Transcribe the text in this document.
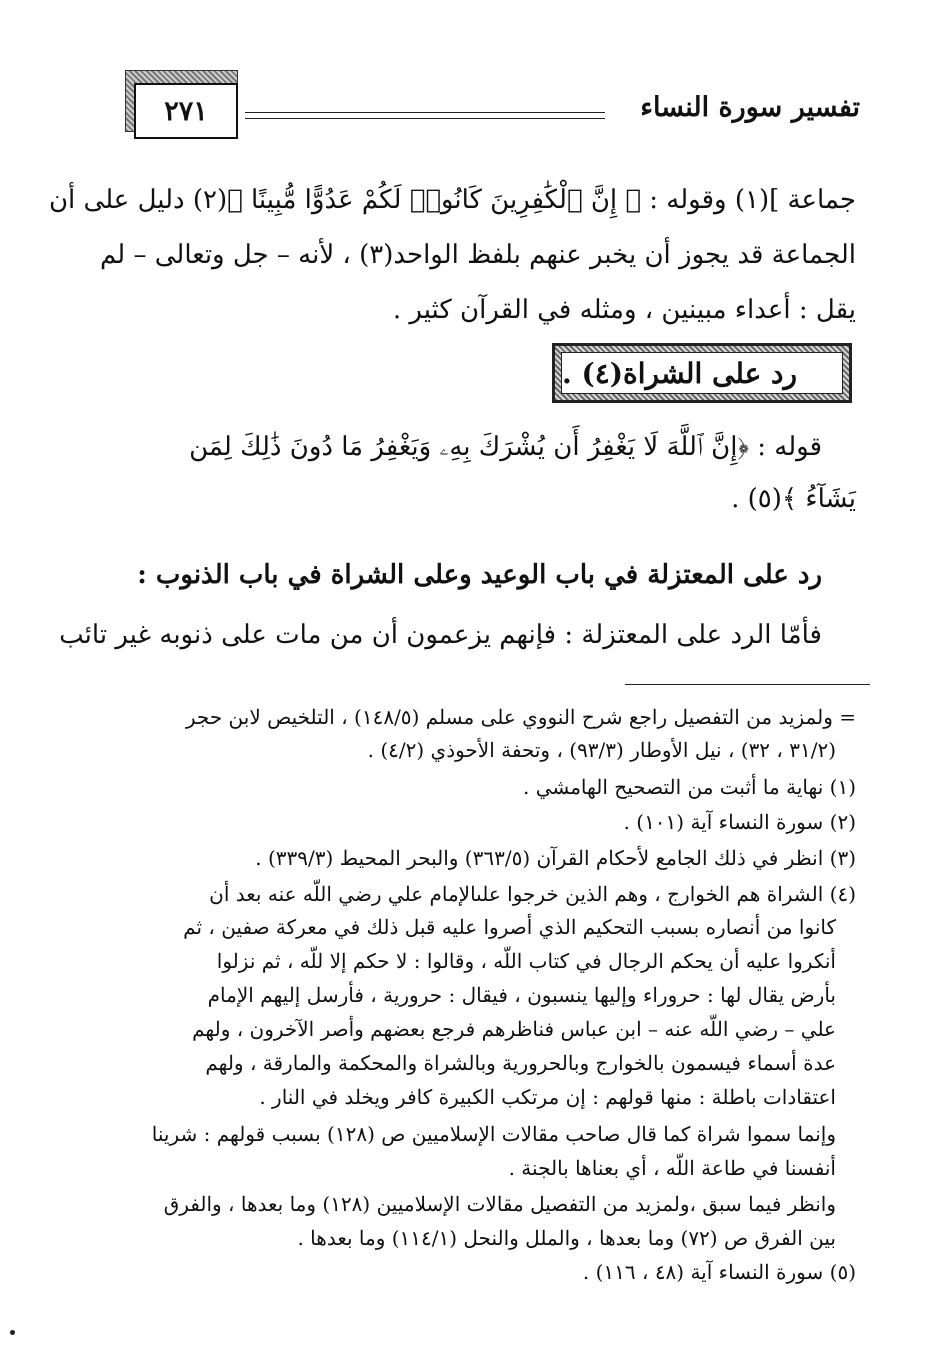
تفسير سورة النساء
٢٧١
جماعة ](١) وقوله : ﴿ إِنَّ ٱلْكَٰفِرِينَ كَانُوا۟ لَكُمْ عَدُوًّا مُّبِينًا ﴾(٢) دليل على أن
الجماعة قد يجوز أن يخبر عنهم بلفظ الواحد(٣) ، لأنه – جل وتعالى – لم
يقل : أعداء مبينين ، ومثله في القرآن كثير .
رد على الشراة(٤) .
قوله : ﴿إِنَّ ٱللَّهَ لَا يَغْفِرُ أَن يُشْرَكَ بِهِۦ وَيَغْفِرُ مَا دُونَ ذَٰلِكَ لِمَن
يَشَآءُ ﴾(٥) .
رد على المعتزلة في باب الوعيد وعلى الشراة في باب الذنوب :
فأمّا الرد على المعتزلة : فإنهم يزعمون أن من مات على ذنوبه غير تائب
= ولمزيد من التفصيل راجع شرح النووي على مسلم (١٤٨/٥) ، التلخيص لابن حجر
(٣١/٢ ، ٣٢) ، نيل الأوطار (٩٣/٣) ، وتحفة الأحوذي (٤/٢) .
(١) نهاية ما أثبت من التصحيح الهامشي .
(٢) سورة النساء آية (١٠١) .
(٣) انظر في ذلك الجامع لأحكام القرآن (٣٦٣/٥) والبحر المحيط (٣٣٩/٣) .
(٤) الشراة هم الخوارج ، وهم الذين خرجوا علىالإمام علي رضي اللّه عنه بعد أن
كانوا من أنصاره بسبب التحكيم الذي أصروا عليه قبل ذلك في معركة صفين ، ثم
أنكروا عليه أن يحكم الرجال في كتاب اللّه ، وقالوا : لا حكم إلا للّه ، ثم نزلوا
بأرض يقال لها : حروراء وإليها ينسبون ، فيقال : حرورية ، فأرسل إليهم الإمام
علي – رضي اللّه عنه – ابن عباس فناظرهم فرجع بعضهم وأصر الآخرون ، ولهم
عدة أسماء فيسمون بالخوارج وبالحرورية وبالشراة والمحكمة والمارقة ، ولهم
اعتقادات باطلة : منها قولهم : إن مرتكب الكبيرة كافر ويخلد في النار .
وإنما سموا شراة كما قال صاحب مقالات الإسلاميين ص (١٢٨) بسبب قولهم : شرينا
أنفسنا في طاعة اللّه ، أي بعناها بالجنة .
وانظر فيما سبق ،ولمزيد من التفصيل مقالات الإسلاميين (١٢٨) وما بعدها ، والفرق
بين الفرق ص (٧٢) وما بعدها ، والملل والنحل (١١٤/١) وما بعدها .
(٥) سورة النساء آية (٤٨ ، ١١٦) .
